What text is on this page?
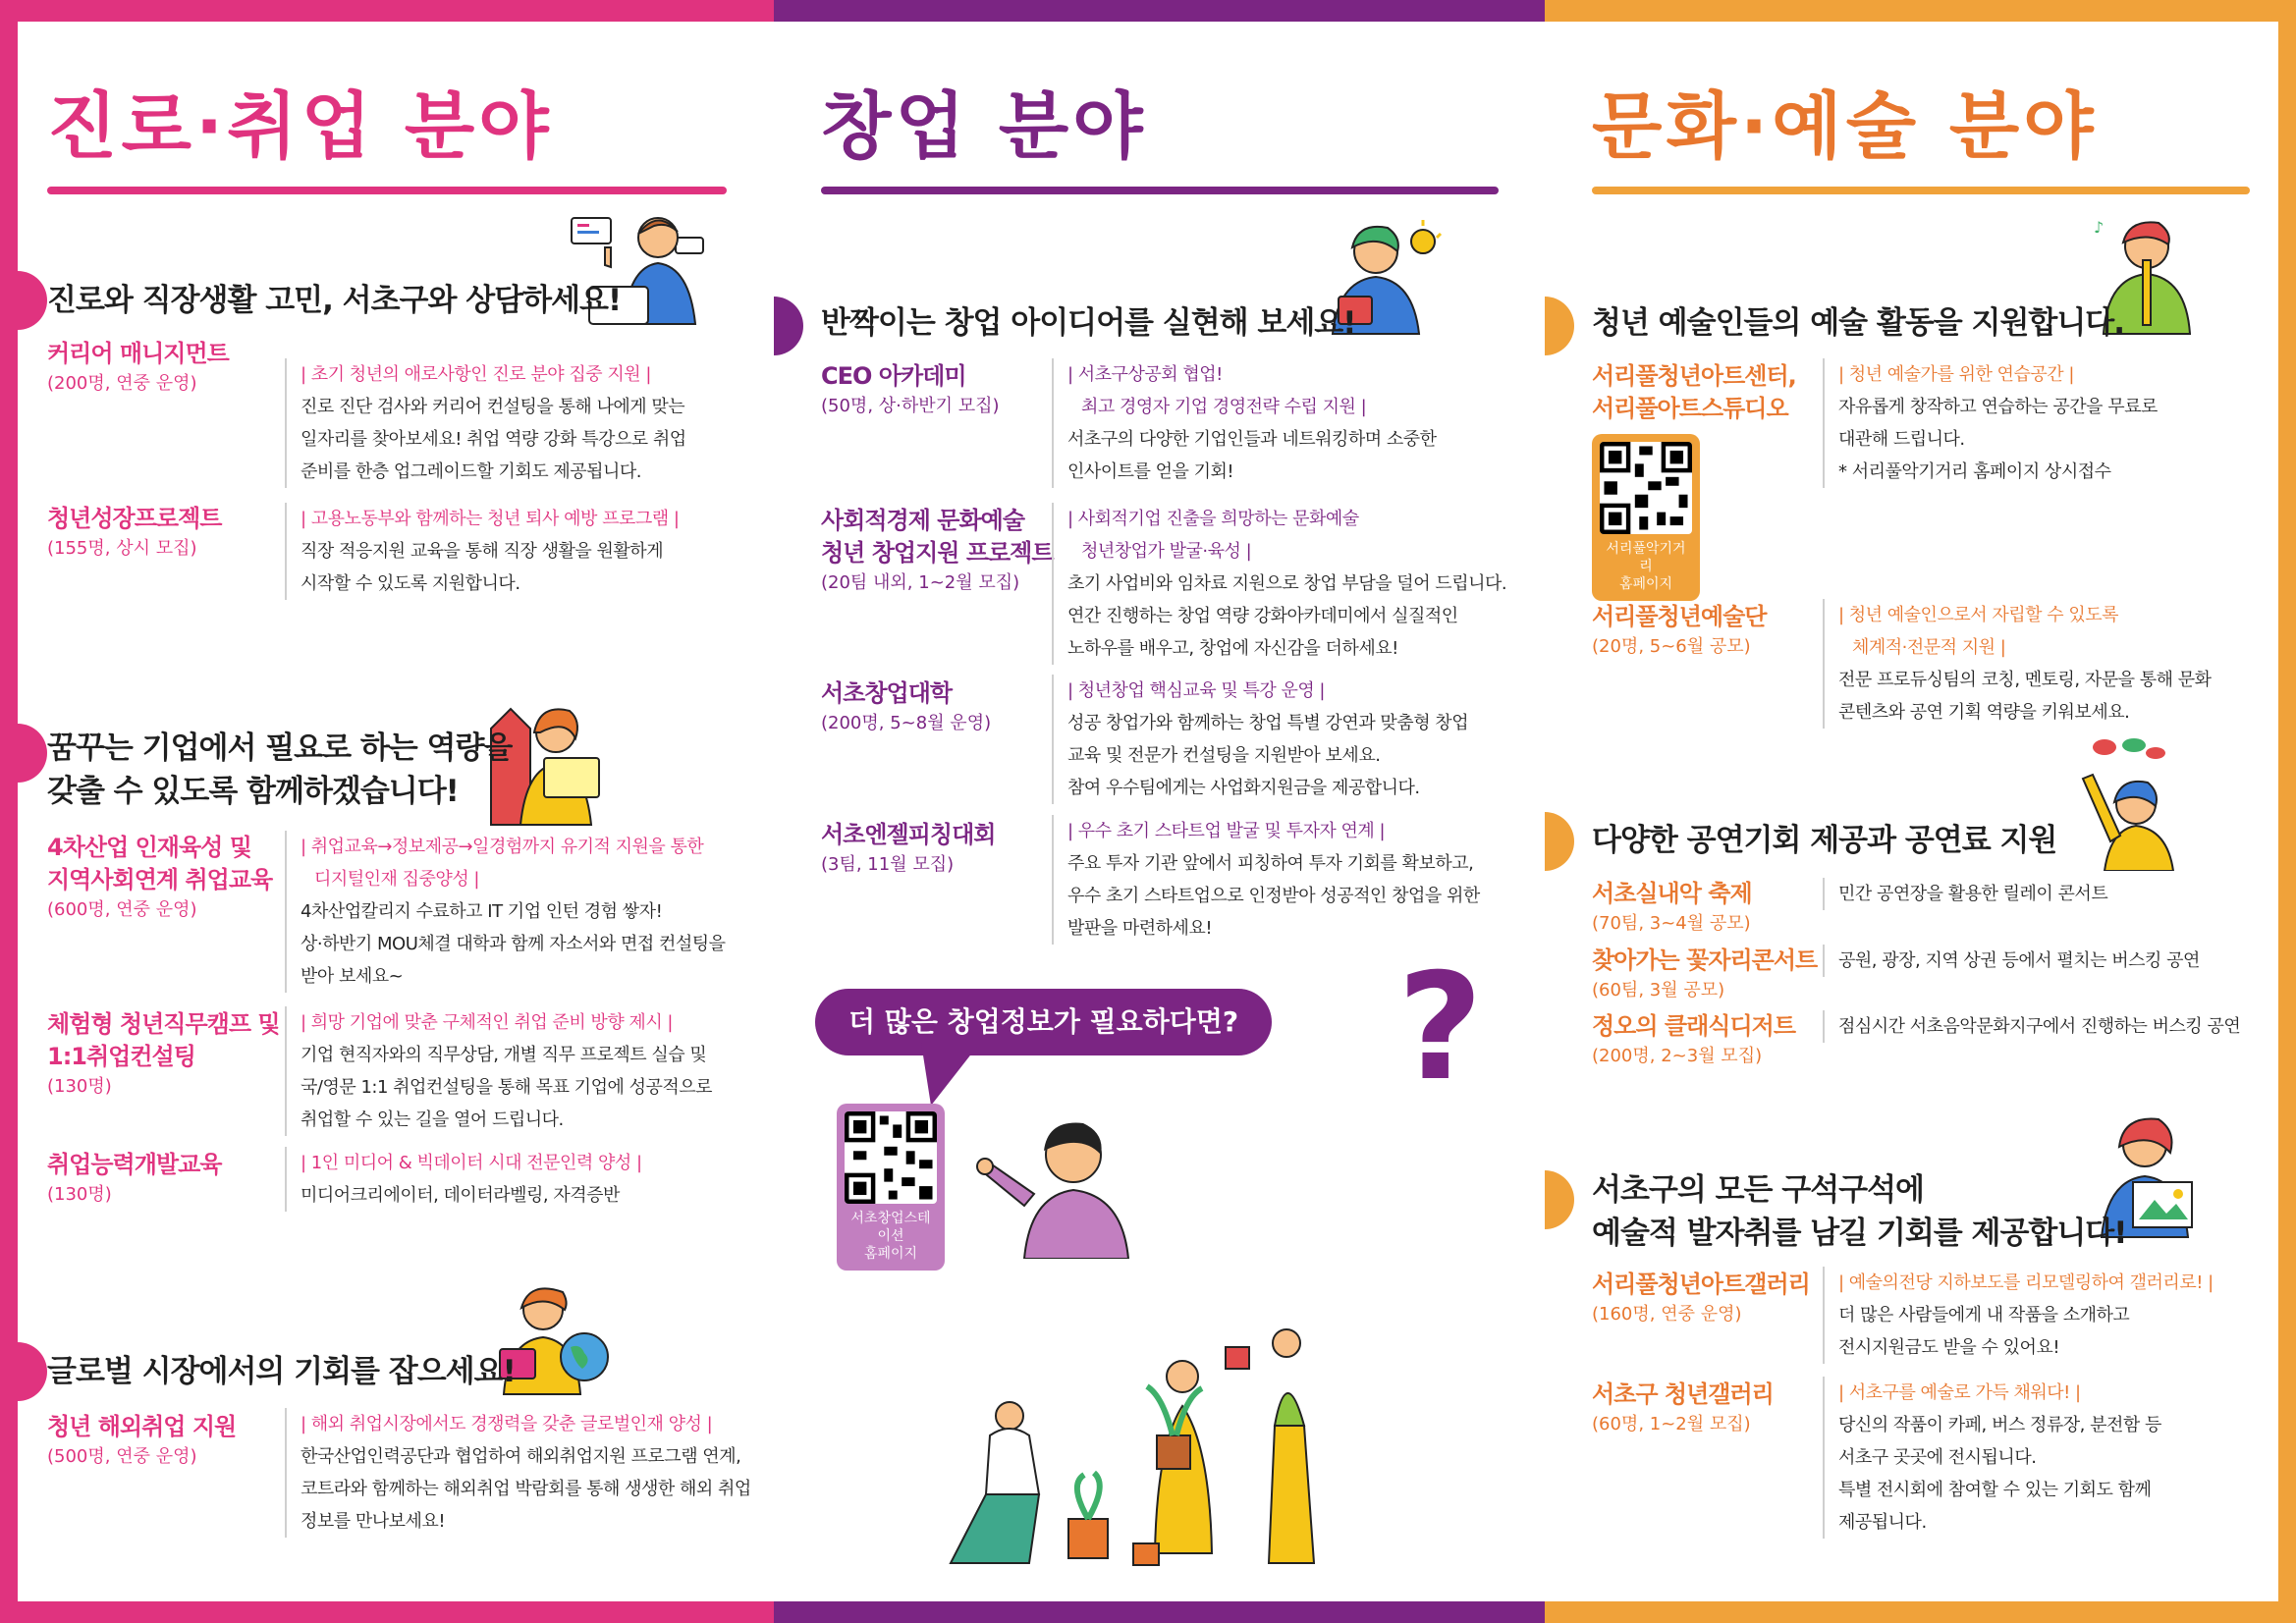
진로·취업 분야
진로와 직장생활 고민, 서초구와 상담하세요!
커리어 매니지먼트
(200명, 연중 운영)	| 초기 청년의 애로사항인 진로 분야 집중 지원 |
진로 진단 검사와 커리어 컨설팅을 통해 나에게 맞는
일자리를 찾아보세요! 취업 역량 강화 특강으로 취업
준비를 한층 업그레이드할 기회도 제공됩니다.
청년성장프로젝트
(155명, 상시 모집)
| 고용노동부와 함께하는 청년 퇴사 예방 프로그램 |
직장 적응지원 교육을 통해 직장 생활을 원활하게
시작할 수 있도록 지원합니다.
꿈꾸는 기업에서 필요로 하는 역량을
갖출 수 있도록 함께하겠습니다!
4차산업 인재육성 및
지역사회연계 취업교육
(600명, 연중 운영)
| 취업교육→정보제공→일경험까지 유기적 지원을 통한
디지털인재 집중양성 |
4차산업칼리지 수료하고 IT 기업 인턴 경험 쌓자!
상·하반기 MOU체결 대학과 함께 자소서와 면접 컨설팅을
받아 보세요~
체험형 청년직무캠프 및
1:1취업컨설팅
(130명)
| 희망 기업에 맞춘 구체적인 취업 준비 방향 제시 |
기업 현직자와의 직무상담, 개별 직무 프로젝트 실습 및
국/영문 1:1 취업컨설팅을 통해 목표 기업에 성공적으로
취업할 수 있는 길을 열어 드립니다.
취업능력개발교육
(130명)
| 1인 미디어 & 빅데이터 시대 전문인력 양성 |
미디어크리에이터, 데이터라벨링, 자격증반
글로벌 시장에서의 기회를 잡으세요!
청년 해외취업 지원
(500명, 연중 운영)
| 해외 취업시장에서도 경쟁력을 갖춘 글로벌인재 양성 |
한국산업인력공단과 협업하여 해외취업지원 프로그램 연계,
코트라와 함께하는 해외취업 박람회를 통해 생생한 해외 취업
정보를 만나보세요!
창업 분야
반짝이는 창업 아이디어를 실현해 보세요!
CEO 아카데미
(50명, 상·하반기 모집)
| 서초구상공회 협업!
최고 경영자 기업 경영전략 수립 지원 |
서초구의 다양한 기업인들과 네트워킹하며 소중한
인사이트를 얻을 기회!
사회적경제 문화예술
청년 창업지원 프로젝트
(20팀 내외, 1~2월 모집)
| 사회적기업 진출을 희망하는 문화예술
청년창업가 발굴·육성 |
초기 사업비와 임차료 지원으로 창업 부담을 덜어 드립니다.
연간 진행하는 창업 역량 강화아카데미에서 실질적인
노하우를 배우고, 창업에 자신감을 더하세요!
서초창업대학
(200명, 5~8월 운영)
| 청년창업 핵심교육 및 특강 운영 |
성공 창업가와 함께하는 창업 특별 강연과 맞춤형 창업
교육 및 전문가 컨설팅을 지원받아 보세요.
참여 우수팀에게는 사업화지원금을 제공합니다.
서초엔젤피칭대회
(3팀, 11월 모집)
| 우수 초기 스타트업 발굴 및 투자자 연계 |
주요 투자 기관 앞에서 피칭하여 투자 기회를 확보하고,
우수 초기 스타트업으로 인정받아 성공적인 창업을 위한
발판을 마련하세요!
더 많은 창업정보가 필요하다면? ?
서초창업스테이션
홈페이지
문화·예술 분야
♪
청년 예술인들의 예술 활동을 지원합니다.
서리풀청년아트센터,
서리풀아트스튜디오
서리풀악기거리
홈페이지
| 청년 예술가를 위한 연습공간 |
자유롭게 창작하고 연습하는 공간을 무료로
대관해 드립니다.
* 서리풀악기거리 홈페이지 상시접수
서리풀청년예술단
(20명, 5~6월 공모)
| 청년 예술인으로서 자립할 수 있도록
체계적·전문적 지원 |
전문 프로듀싱팀의 코칭, 멘토링, 자문을 통해 문화
콘텐츠와 공연 기획 역량을 키워보세요.
다양한 공연기회 제공과 공연료 지원
서초실내악 축제
(70팀, 3~4월 공모)
민간 공연장을 활용한 릴레이 콘서트
찾아가는 꽃자리콘서트
(60팀, 3월 공모)
공원, 광장, 지역 상권 등에서 펼치는 버스킹 공연
정오의 클래식디저트
(200명, 2~3월 모집)
점심시간 서초음악문화지구에서 진행하는 버스킹 공연
서초구의 모든 구석구석에
예술적 발자취를 남길 기회를 제공합니다!
서리풀청년아트갤러리
(160명, 연중 운영)
| 예술의전당 지하보도를 리모델링하여 갤러리로! |
더 많은 사람들에게 내 작품을 소개하고
전시지원금도 받을 수 있어요!
서초구 청년갤러리
(60명, 1~2월 모집)
| 서초구를 예술로 가득 채워다! |
당신의 작품이 카페, 버스 정류장, 분전함 등
서초구 곳곳에 전시됩니다.
특별 전시회에 참여할 수 있는 기회도 함께
제공됩니다.
